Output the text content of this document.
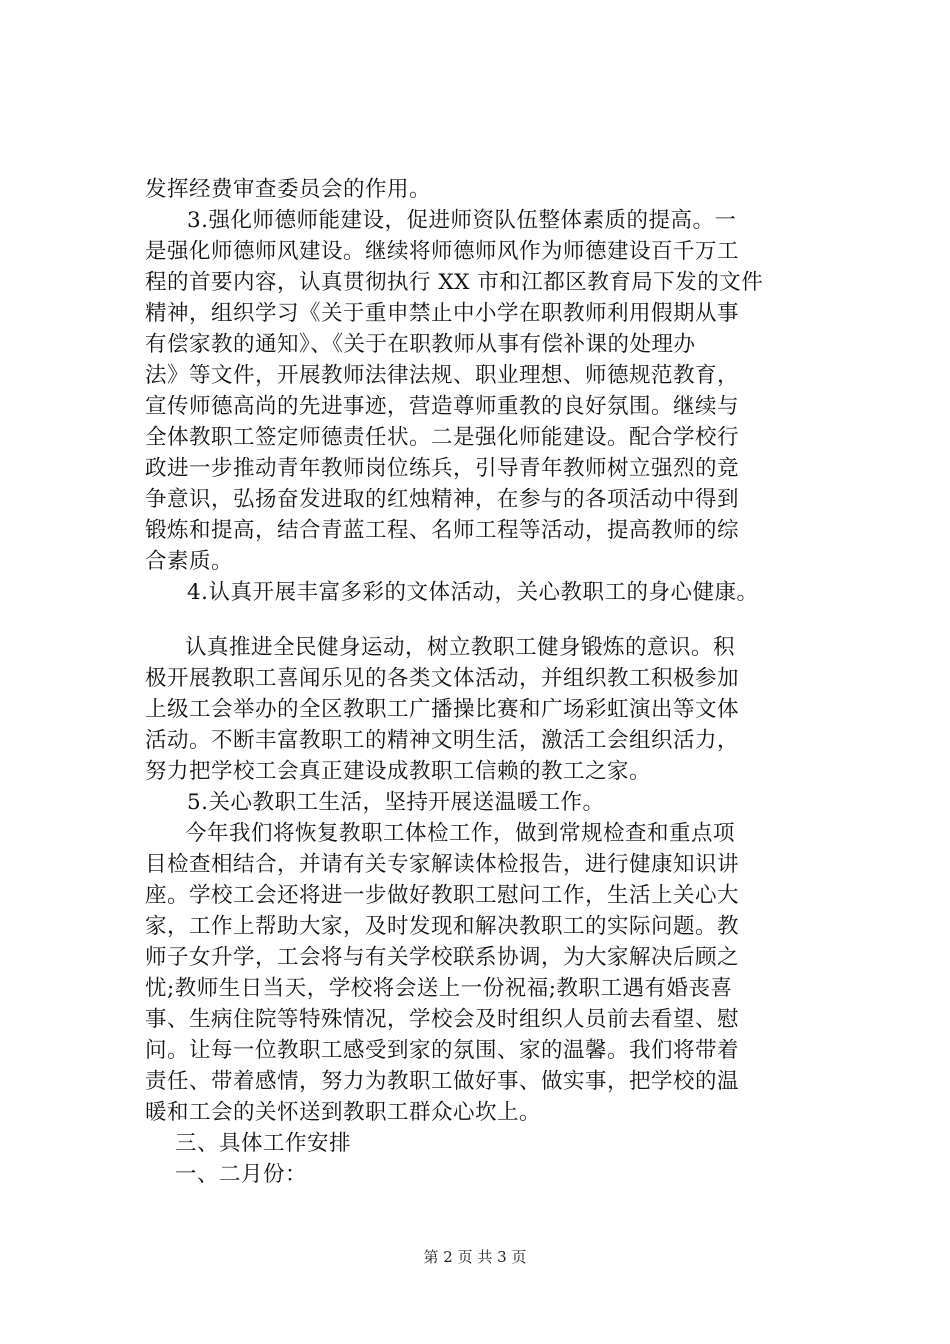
发挥经费审查委员会的作用。
3.强化师德师能建设，促进师资队伍整体素质的提高。一
是强化师德师风建设。继续将师德师风作为师德建设百千万工
程的首要内容，认真贯彻执行 XX 市和江都区教育局下发的文件
精神，组织学习《关于重申禁止中小学在职教师利用假期从事
有偿家教的通知》、《关于在职教师从事有偿补课的处理办
法》等文件，开展教师法律法规、职业理想、师德规范教育，
宣传师德高尚的先进事迹，营造尊师重教的良好氛围。继续与
全体教职工签定师德责任状。二是强化师能建设。配合学校行
政进一步推动青年教师岗位练兵，引导青年教师树立强烈的竞
争意识，弘扬奋发进取的红烛精神，在参与的各项活动中得到
锻炼和提高，结合青蓝工程、名师工程等活动，提高教师的综
合素质。
4.认真开展丰富多彩的文体活动，关心教职工的身心健康。
认真推进全民健身运动，树立教职工健身锻炼的意识。积
极开展教职工喜闻乐见的各类文体活动，并组织教工积极参加
上级工会举办的全区教职工广播操比赛和广场彩虹演出等文体
活动。不断丰富教职工的精神文明生活，激活工会组织活力，
努力把学校工会真正建设成教职工信赖的教工之家。
5.关心教职工生活，坚持开展送温暖工作。
今年我们将恢复教职工体检工作，做到常规检查和重点项
目检查相结合，并请有关专家解读体检报告，进行健康知识讲
座。学校工会还将进一步做好教职工慰问工作，生活上关心大
家，工作上帮助大家，及时发现和解决教职工的实际问题。教
师子女升学，工会将与有关学校联系协调，为大家解决后顾之
忧;教师生日当天，学校将会送上一份祝福;教职工遇有婚丧喜
事、生病住院等特殊情况，学校会及时组织人员前去看望、慰
问。让每一位教职工感受到家的氛围、家的温馨。我们将带着
责任、带着感情，努力为教职工做好事、做实事，把学校的温
暖和工会的关怀送到教职工群众心坎上。
三、具体工作安排
一、二月份：
第 2 页 共 3 页
